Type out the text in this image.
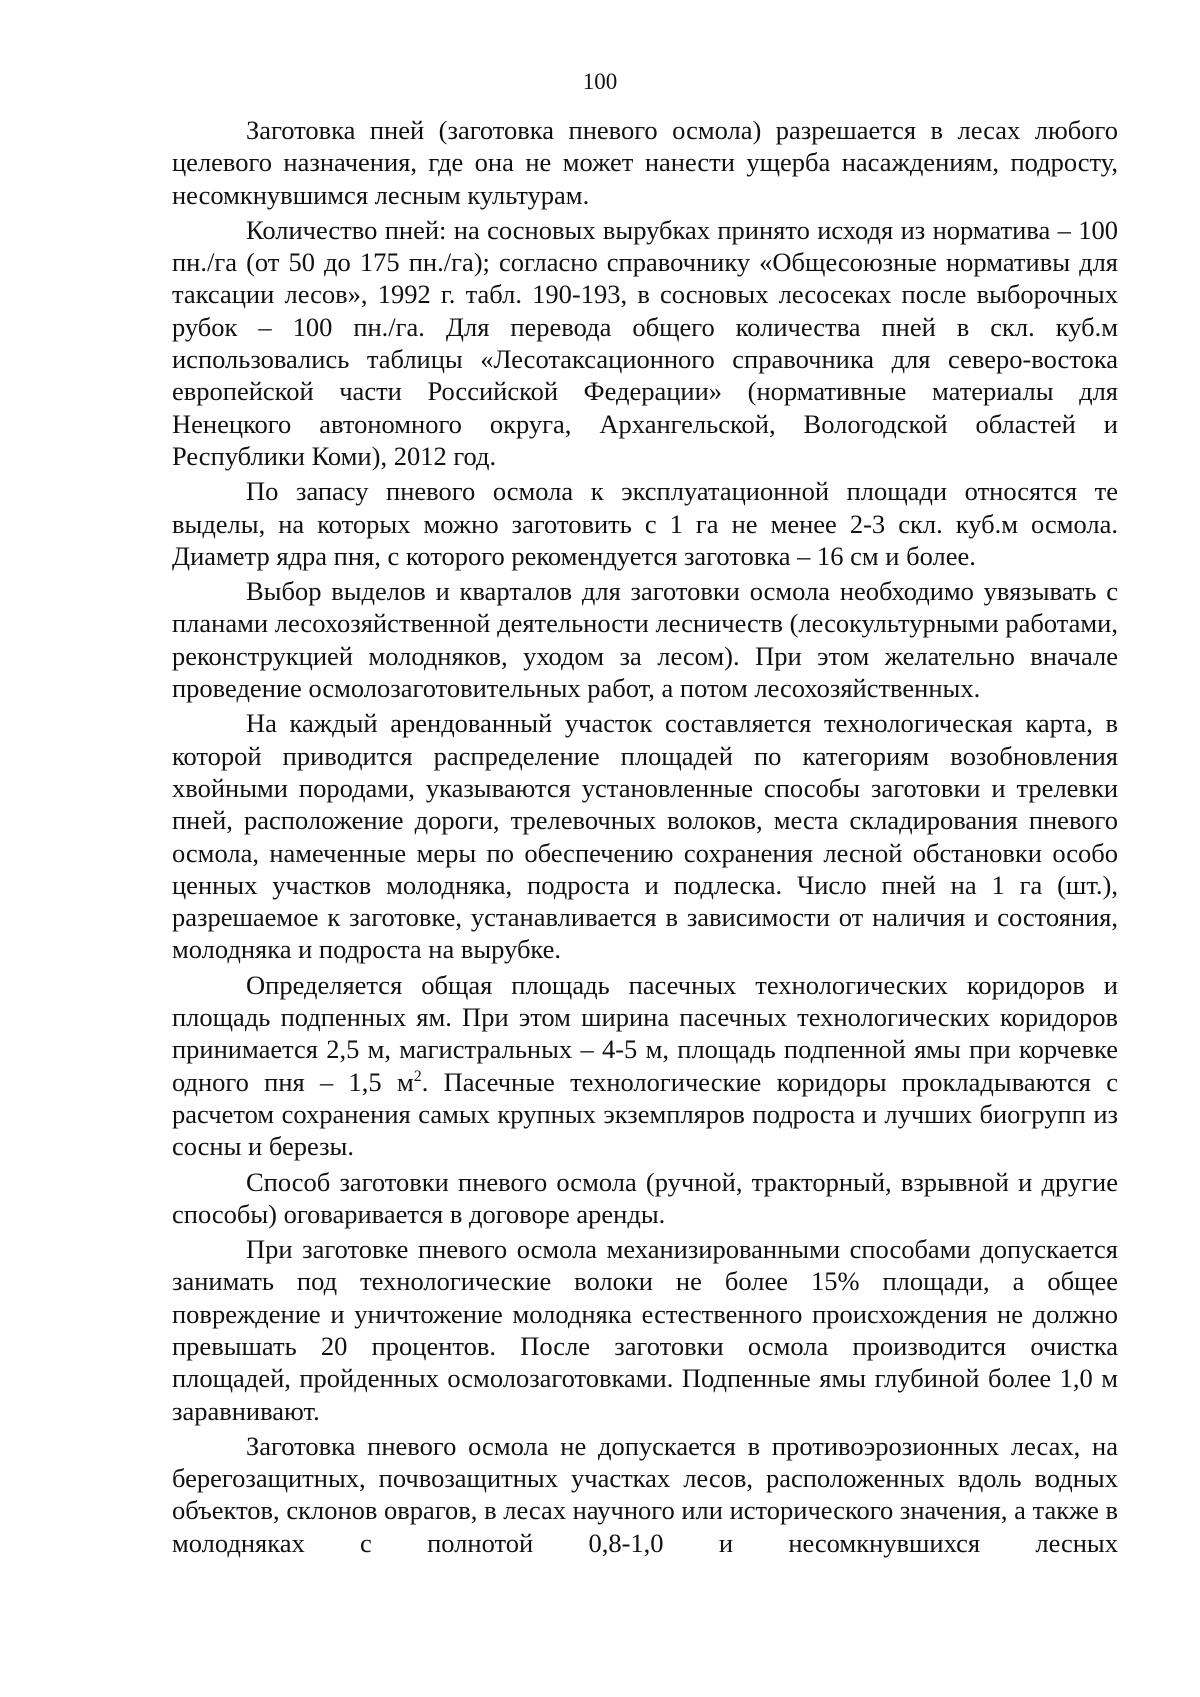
100

Заготовка пней (заготовка пневого осмола) разрешается в лесах любого целевого назначения, где она не может нанести ущерба насаждениям, подросту, несомкнувшимся лесным культурам.

Количество пней: на сосновых вырубках принято исходя из норматива – 100 пн./га (от 50 до 175 пн./га); согласно справочнику «Общесоюзные нормативы для таксации лесов», 1992 г. табл. 190-193, в сосновых лесосеках после выборочных рубок – 100 пн./га. Для перевода общего количества пней в скл. куб.м использовались таблицы «Лесотаксационного справочника для северо-востока европейской части Российской Федерации» (нормативные материалы для Ненецкого автономного округа, Архангельской, Вологодской областей и Республики Коми), 2012 год.

По запасу пневого осмола к эксплуатационной площади относятся те выделы, на которых можно заготовить с 1 га не менее 2-3 скл. куб.м осмола. Диаметр ядра пня, с которого рекомендуется заготовка – 16 см и более.

Выбор выделов и кварталов для заготовки осмола необходимо увязывать с планами лесохозяйственной деятельности лесничеств (лесокультурными работами, реконструкцией молодняков, уходом за лесом). При этом желательно вначале проведение осмолозаготовительных работ, а потом лесохозяйственных.

На каждый арендованный участок составляется технологическая карта, в которой приводится распределение площадей по категориям возобновления хвойными породами, указываются установленные способы заготовки и трелевки пней, расположение дороги, трелевочных волоков, места складирования пневого осмола, намеченные меры по обеспечению сохранения лесной обстановки особо ценных участков молодняка, подроста и подлеска. Число пней на 1 га (шт.), разрешаемое к заготовке, устанавливается в зависимости от наличия и состояния, молодняка и подроста на вырубке.

Определяется общая площадь пасечных технологических коридоров и площадь подпенных ям. При этом ширина пасечных технологических коридоров принимается 2,5 м, магистральных – 4-5 м, площадь подпенной ямы при корчевке одного пня – 1,5 $м^2$. Пасечные технологические коридоры прокладываются с расчетом сохранения самых крупных экземпляров подроста и лучших биогрупп из сосны и березы.

Способ заготовки пневого осмола (ручной, тракторный, взрывной и другие способы) оговаривается в договоре аренды.

При заготовке пневого осмола механизированными способами допускается занимать под технологические волоки не более 15% площади, а общее повреждение и уничтожение молодняка естественного происхождения не должно превышать 20 процентов. После заготовки осмола производится очистка площадей, пройденных осмолозаготовками. Подпенные ямы глубиной более 1,0 м заравнивают.

Заготовка пневого осмола не допускается в противоэрозионных лесах, на берегозащитных, почвозащитных участках лесов, расположенных вдоль водных объектов, склонов оврагов, в лесах научного или исторического значения, а также в молодняках с полнотой 0,8-1,0 и несомкнувшихся лесных
